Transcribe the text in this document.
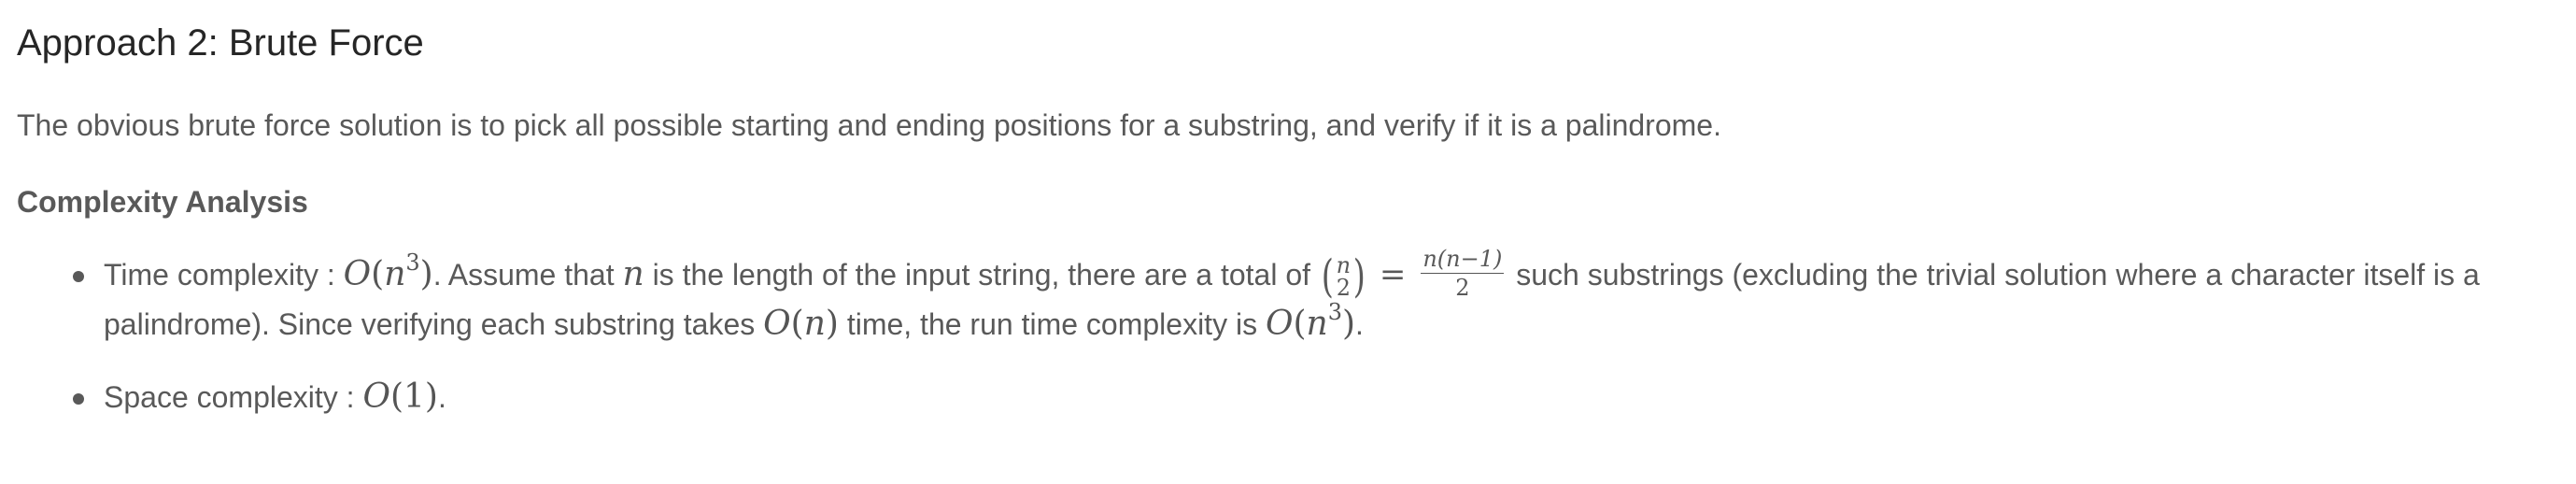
Approach 2: Brute Force

The obvious brute force solution is to pick all possible starting and ending positions for a substring, and verify if it is a palindrome.

Complexity Analysis

Time complexity : $O(n^3)$. Assume that n is the length of the input string, there are a total of ( n
2 ) = $\frac{n(n-1)}{2}$ such substrings (excluding the trivial solution where a character itself is a palindrome). Since verifying each substring takes O(n) time, the run time complexity is $O(n^3)$.
Space complexity : O(1).
